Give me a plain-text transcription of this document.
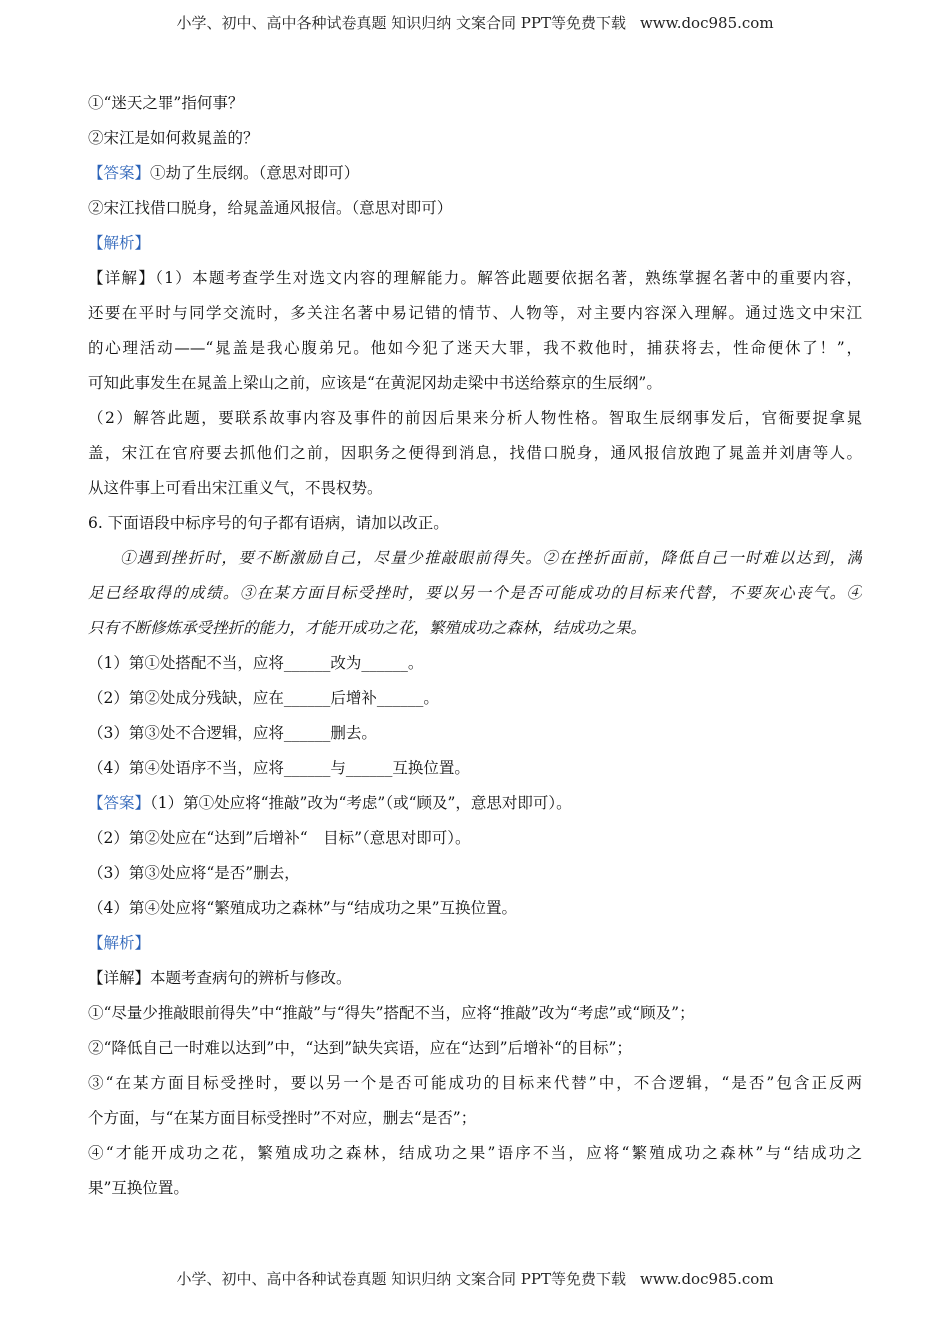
小学、初中、高中各种试卷真题 知识归纳 文案合同 PPT等免费下载 www.doc985.com
①“迷天之罪”指何事？
②宋江是如何救晁盖的？
【答案】①劫了生辰纲。（意思对即可）
②宋江找借口脱身，给晁盖通风报信。（意思对即可）
【解析】
【详解】（1）本题考查学生对选文内容的理解能力。解答此题要依据名著，熟练掌握名著中的重要内容，
还要在平时与同学交流时，多关注名著中易记错的情节、人物等，对主要内容深入理解。通过选文中宋江
的心理活动——“晁盖是我心腹弟兄。他如今犯了迷天大罪，我不救他时，捕获将去，性命便休了！”，
可知此事发生在晁盖上梁山之前，应该是“在黄泥冈劫走梁中书送给蔡京的生辰纲”。
（2）解答此题，要联系故事内容及事件的前因后果来分析人物性格。智取生辰纲事发后，官衙要捉拿晁
盖，宋江在官府要去抓他们之前，因职务之便得到消息，找借口脱身，通风报信放跑了晁盖并刘唐等人。
从这件事上可看出宋江重义气，不畏权势。
6. 下面语段中标序号的句子都有语病，请加以改正。
①遇到挫折时，要不断激励自己，尽量少推敲眼前得失。②在挫折面前，降低自己一时难以达到，满
足已经取得的成绩。③在某方面目标受挫时，要以另一个是否可能成功的目标来代替，不要灰心丧气。④
只有不断修炼承受挫折的能力，才能开成功之花，繁殖成功之森林，结成功之果。
（1）第①处搭配不当，应将______改为______。
（2）第②处成分残缺，应在______后增补______。
（3）第③处不合逻辑，应将______删去。
（4）第④处语序不当，应将______与______互换位置。
【答案】（1）第①处应将“推敲”改为“考虑”（或“顾及”，意思对即可）。
（2）第②处应在“达到”后增补“　目标”（意思对即可）。
（3）第③处应将“是否”删去，
（4）第④处应将“繁殖成功之森林”与“结成功之果”互换位置。
【解析】
【详解】本题考查病句的辨析与修改。
①“尽量少推敲眼前得失”中“推敲”与“得失”搭配不当，应将“推敲”改为“考虑”或“顾及”；
②“降低自己一时难以达到”中，“达到”缺失宾语，应在“达到”后增补“的目标”；
③“在某方面目标受挫时，要以另一个是否可能成功的目标来代替”中，不合逻辑，“是否”包含正反两
个方面，与“在某方面目标受挫时”不对应，删去“是否”；
④“才能开成功之花，繁殖成功之森林，结成功之果”语序不当，应将“繁殖成功之森林”与“结成功之
果”互换位置。
小学、初中、高中各种试卷真题 知识归纳 文案合同 PPT等免费下载 www.doc985.com
